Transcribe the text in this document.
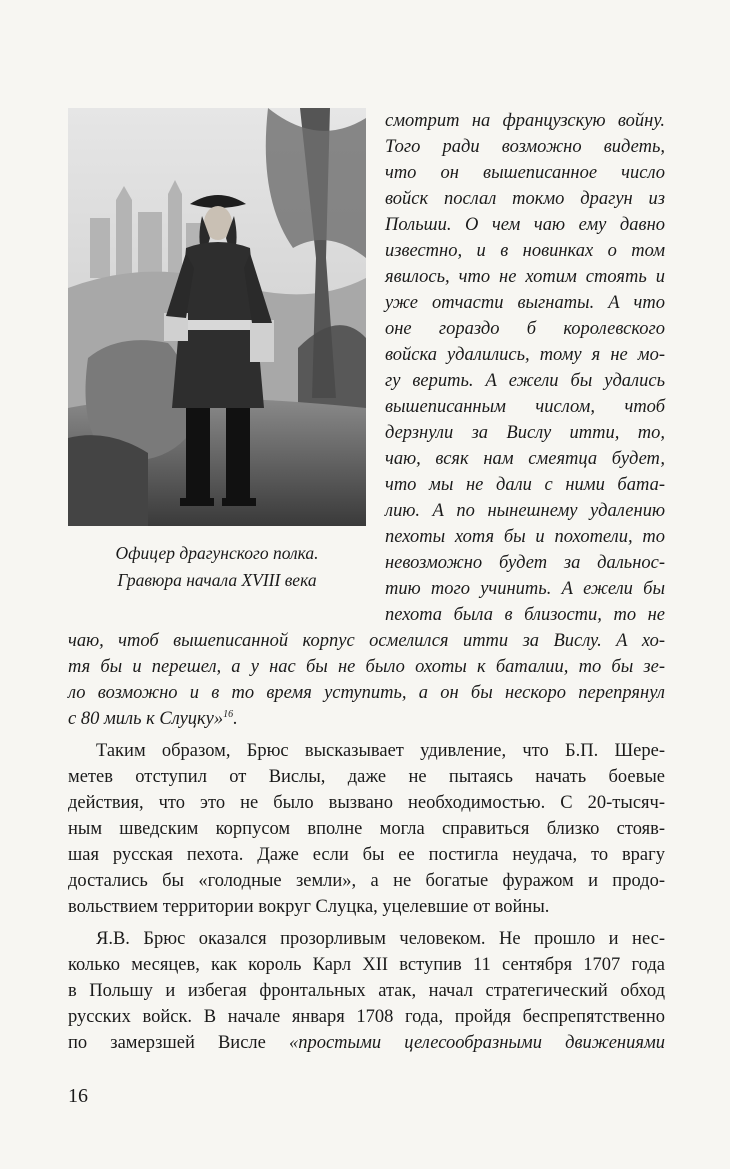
Офицер драгунского полка.
Гравюра начала XVIII века
смотрит на французскую войну.
Того ради возможно видеть,
что он вышеписанное число
войск послал токмо драгун из
Польши. О чем чаю ему давно
известно, и в новинках о том
явилось, что не хотим стоять и
уже отчасти выгнаты. А что
оне гораздо б королевского
войска удалились, тому я не мо-
гу верить. А ежели бы удались
вышеписанным числом, чтоб
дерзнули за Вислу итти, то,
чаю, всяк нам смеятца будет,
что мы не дали с ними бата-
лию. А по нынешнему удалению
пехоты хотя бы и похотели, то
невозможно будет за дальнос-
тию того учинить. А ежели бы
пехота была в близости, то не
чаю, чтоб вышеписанной корпус осмелился итти за Вислу. А хо-
тя бы и перешел, а у нас бы не было охоты к баталии, то бы зе-
ло возможно и в то время уступить, а он бы нескоро перепрянул
с 80 миль к Слуцку»$^{16}$.
Таким образом, Брюс высказывает удивление, что Б.П. Шере-
метев отступил от Вислы, даже не пытаясь начать боевые
действия, что это не было вызвано необходимостью. С 20-тысяч-
ным шведским корпусом вполне могла справиться близко стояв-
шая русская пехота. Даже если бы ее постигла неудача, то врагу
достались бы «голодные земли», а не богатые фуражом и продо-
вольствием территории вокруг Слуцка, уцелевшие от войны.
Я.В. Брюс оказался прозорливым человеком. Не прошло и нес-
колько месяцев, как король Карл XII вступив 11 сентября 1707 года
в Польшу и избегая фронтальных атак, начал стратегический обход
русских войск. В начале января 1708 года, пройдя беспрепятственно
по замерзшей Висле «простыми целесообразными движениями
16
